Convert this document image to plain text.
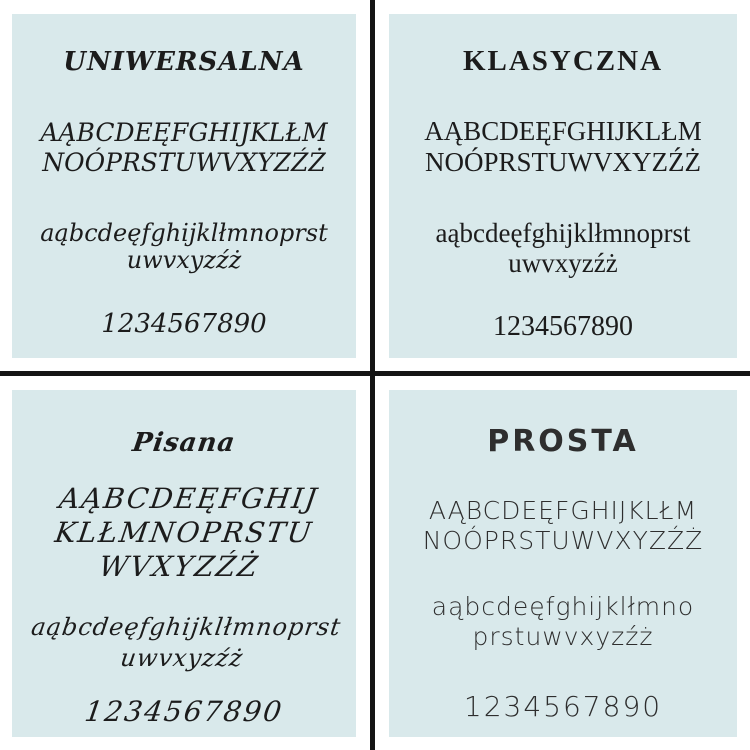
UNIWERSALNA
AĄBCDEĘFGHIJKLŁM
NOÓPRSTUWVXYZŹŻ
aąbcdeęfghijklłmnoprst
uwvxyzźż
1234567890
KLASYCZNA
AĄBCDEĘFGHIJKLŁM
NOÓPRSTUWVXYZŹŻ
aąbcdeęfghijklłmnoprst
uwvxyzźż
1234567890
Pisana
AĄBCDEĘFGHIJ
KLŁMNOPRSTU
WVXYZŹŻ
aąbcdeęfghijklłmnoprst
uwvxyzźż
1234567890
PROSTA
AĄBCDEĘFGHIJKLŁM
NOÓPRSTUWVXYZŹŻ
aąbcdeęfghijklłmno
prstuwvxyzźż
1234567890
